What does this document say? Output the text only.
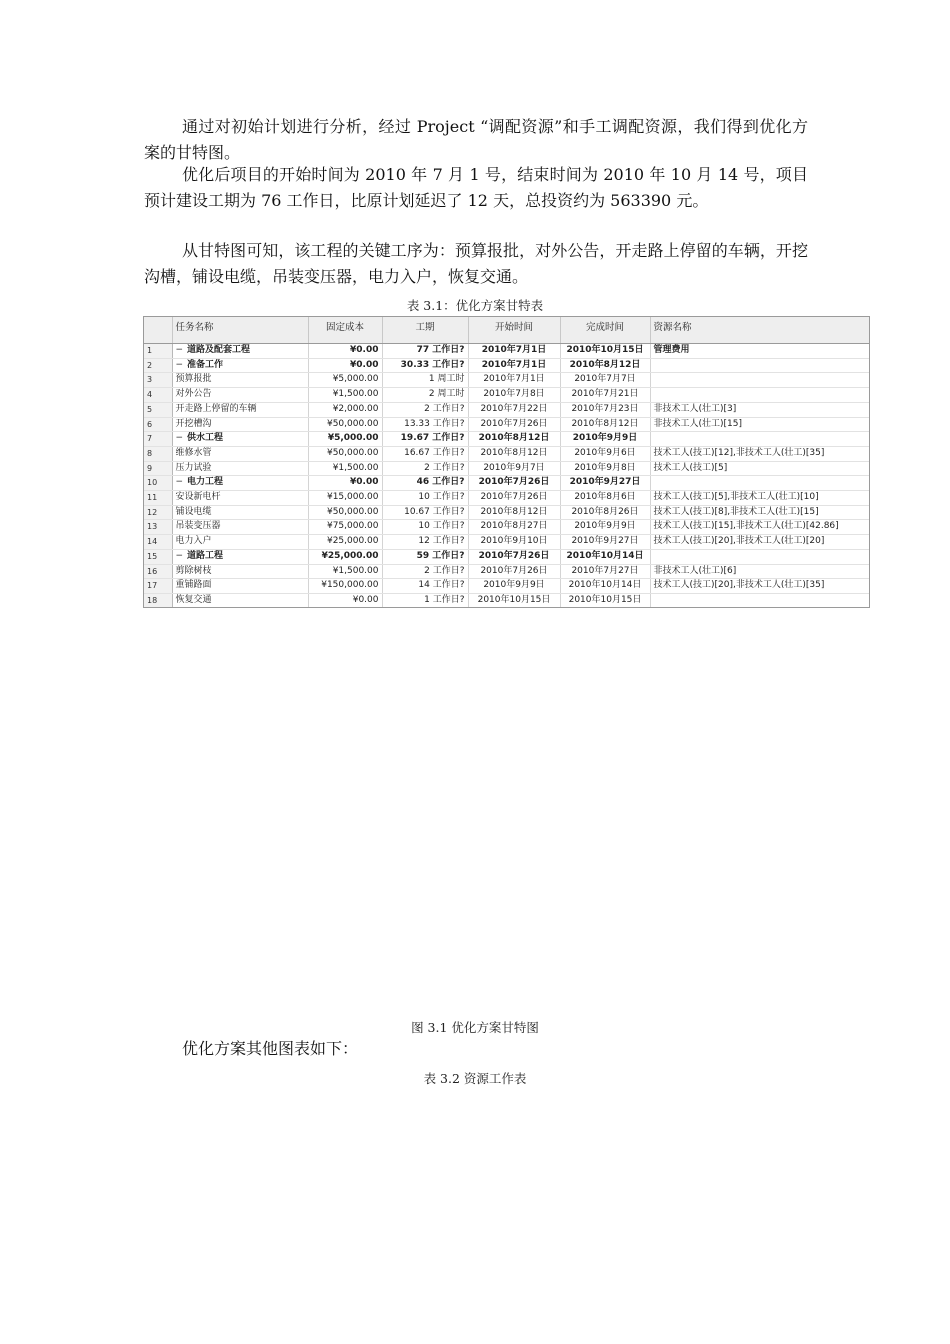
通过对初始计划进行分析，经过 Project “调配资源”和手工调配资源，我们得到优化方案的甘特图。

优化后项目的开始时间为 2010 年 7 月 1 号，结束时间为 2010 年 10 月 14 号，项目预计建设工期为 76 工作日，比原计划延迟了 12 天，总投资约为 563390 元。

从甘特图可知，该工程的关键工序为：预算报批，对外公告，开走路上停留的车辆，开挖沟槽，铺设电缆，吊装变压器，电力入户，恢复交通。

表 3.1：优化方案甘特表

	任务名称	固定成本	工期	开始时间	完成时间	资源名称
1	− 道路及配套工程	¥0.00	77 工作日?	2010年7月1日	2010年10月15日	管理费用
2	− 准备工作	¥0.00	30.33 工作日?	2010年7月1日	2010年8月12日	
3	预算报批	¥5,000.00	1 周工时	2010年7月1日	2010年7月7日	
4	对外公告	¥1,500.00	2 周工时	2010年7月8日	2010年7月21日	
5	开走路上停留的车辆	¥2,000.00	2 工作日?	2010年7月22日	2010年7月23日	非技术工人(壮工)[3]
6	开挖槽沟	¥50,000.00	13.33 工作日?	2010年7月26日	2010年8月12日	非技术工人(壮工)[15]
7	− 供水工程	¥5,000.00	19.67 工作日?	2010年8月12日	2010年9月9日	
8	维修水管	¥50,000.00	16.67 工作日?	2010年8月12日	2010年9月6日	技术工人(技工)[12],非技术工人(壮工)[35]
9	压力试验	¥1,500.00	2 工作日?	2010年9月7日	2010年9月8日	技术工人(技工)[5]
10	− 电力工程	¥0.00	46 工作日?	2010年7月26日	2010年9月27日	
11	安设新电杆	¥15,000.00	10 工作日?	2010年7月26日	2010年8月6日	技术工人(技工)[5],非技术工人(壮工)[10]
12	铺设电缆	¥50,000.00	10.67 工作日?	2010年8月12日	2010年8月26日	技术工人(技工)[8],非技术工人(壮工)[15]
13	吊装变压器	¥75,000.00	10 工作日?	2010年8月27日	2010年9月9日	技术工人(技工)[15],非技术工人(壮工)[42.86]
14	电力入户	¥25,000.00	12 工作日?	2010年9月10日	2010年9月27日	技术工人(技工)[20],非技术工人(壮工)[20]
15	− 道路工程	¥25,000.00	59 工作日?	2010年7月26日	2010年10月14日	
16	剪除树枝	¥1,500.00	2 工作日?	2010年7月26日	2010年7月27日	非技术工人(壮工)[6]
17	重铺路面	¥150,000.00	14 工作日?	2010年9月9日	2010年10月14日	技术工人(技工)[20],非技术工人(壮工)[35]
18	恢复交通	¥0.00	1 工作日?	2010年10月15日	2010年10月15日	

图 3.1 优化方案甘特图

优化方案其他图表如下：

表 3.2 资源工作表
